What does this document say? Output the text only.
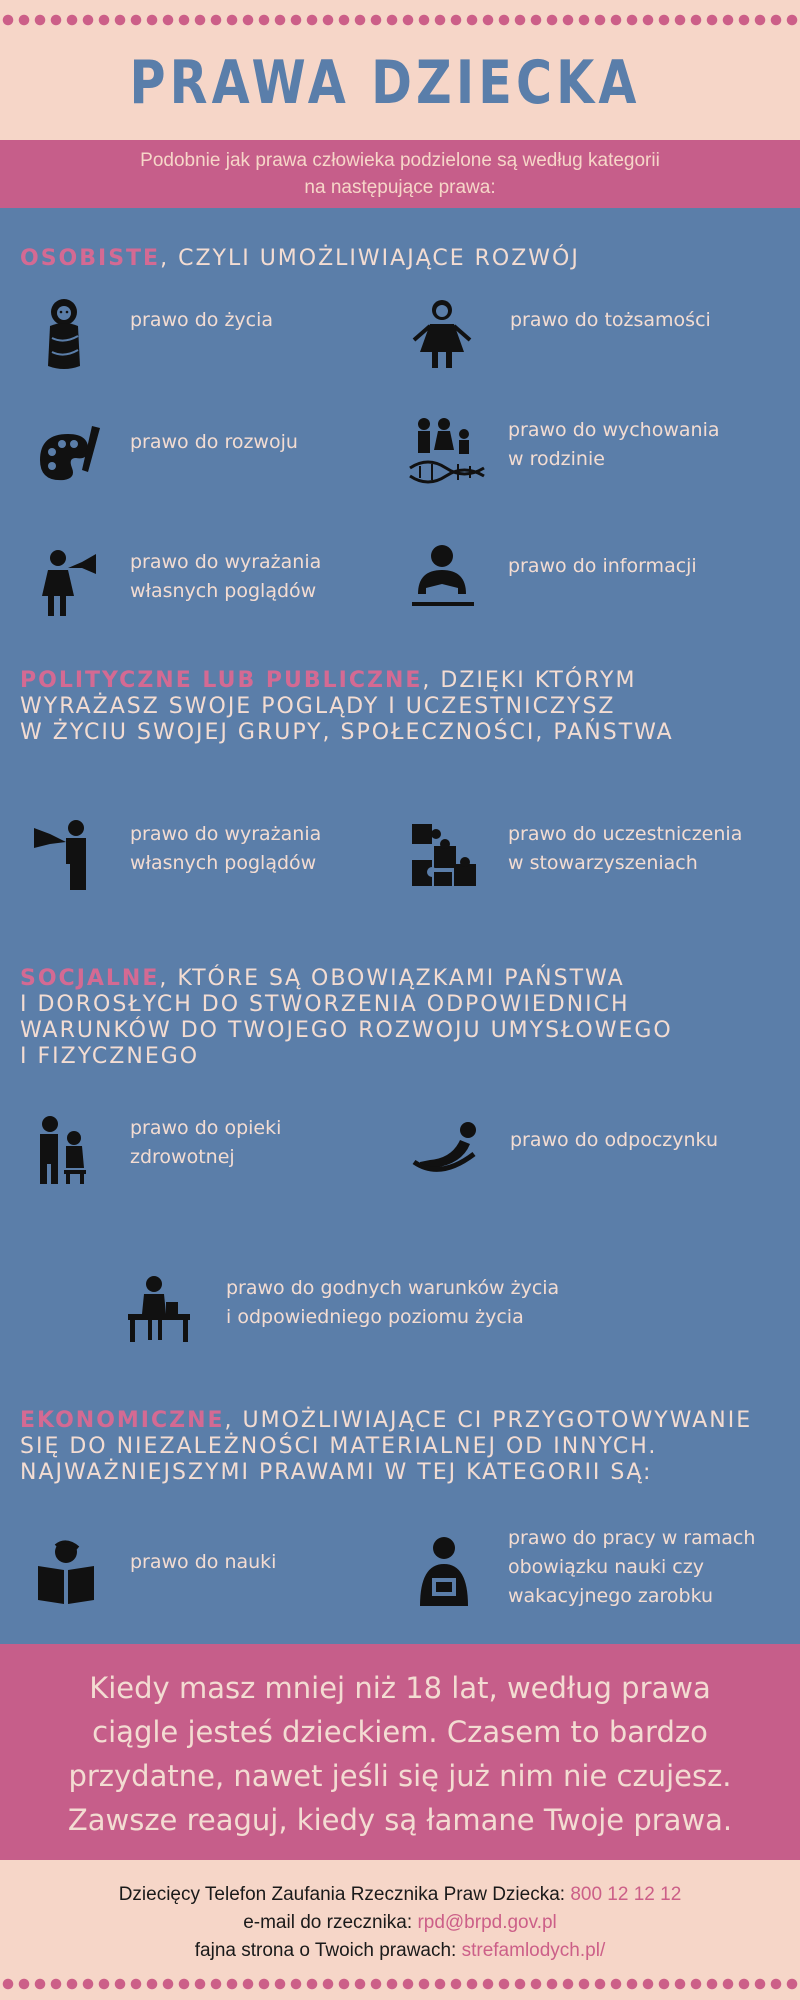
PRAWA DZIECKA
Podobnie jak prawa człowieka podzielone są według kategorii
na następujące prawa:
OSOBISTE, CZYLI UMOŻLIWIAJĄCE ROZWÓJ
prawo do życia	prawo do tożsamości
prawo do rozwoju
prawo do wychowania
w rodzinie
prawo do wyrażania
własnych poglądów
prawo do informacji
POLITYCZNE LUB PUBLICZNE, DZIĘKI KTÓRYM
WYRAŻASZ SWOJE POGLĄDY I UCZESTNICZYSZ
W ŻYCIU SWOJEJ GRUPY, SPOŁECZNOŚCI, PAŃSTWA
prawo do wyrażania
własnych poglądów
prawo do uczestniczenia
w stowarzyszeniach
SOCJALNE, KTÓRE SĄ OBOWIĄZKAMI PAŃSTWA
I DOROSŁYCH DO STWORZENIA ODPOWIEDNICH
WARUNKÓW DO TWOJEGO ROZWOJU UMYSŁOWEGO
I FIZYCZNEGO
prawo do opieki
zdrowotnej
prawo do odpoczynku
prawo do godnych warunków życia
i odpowiedniego poziomu życia
EKONOMICZNE, UMOŻLIWIAJĄCE CI PRZYGOTOWYWANIE
SIĘ DO NIEZALEŻNOŚCI MATERIALNEJ OD INNYCH.
NAJWAŻNIEJSZYMI PRAWAMI W TEJ KATEGORII SĄ:
prawo do nauki
prawo do pracy w ramach
obowiązku nauki czy
wakacyjnego zarobku
Kiedy masz mniej niż 18 lat, według prawa
ciągle jesteś dzieckiem. Czasem to bardzo
przydatne, nawet jeśli się już nim nie czujesz.
Zawsze reaguj, kiedy są łamane Twoje prawa.
Dziecięcy Telefon Zaufania Rzecznika Praw Dziecka: 800 12 12 12
e-mail do rzecznika: rpd@brpd.gov.pl
fajna strona o Twoich prawach: strefamlodych.pl/
